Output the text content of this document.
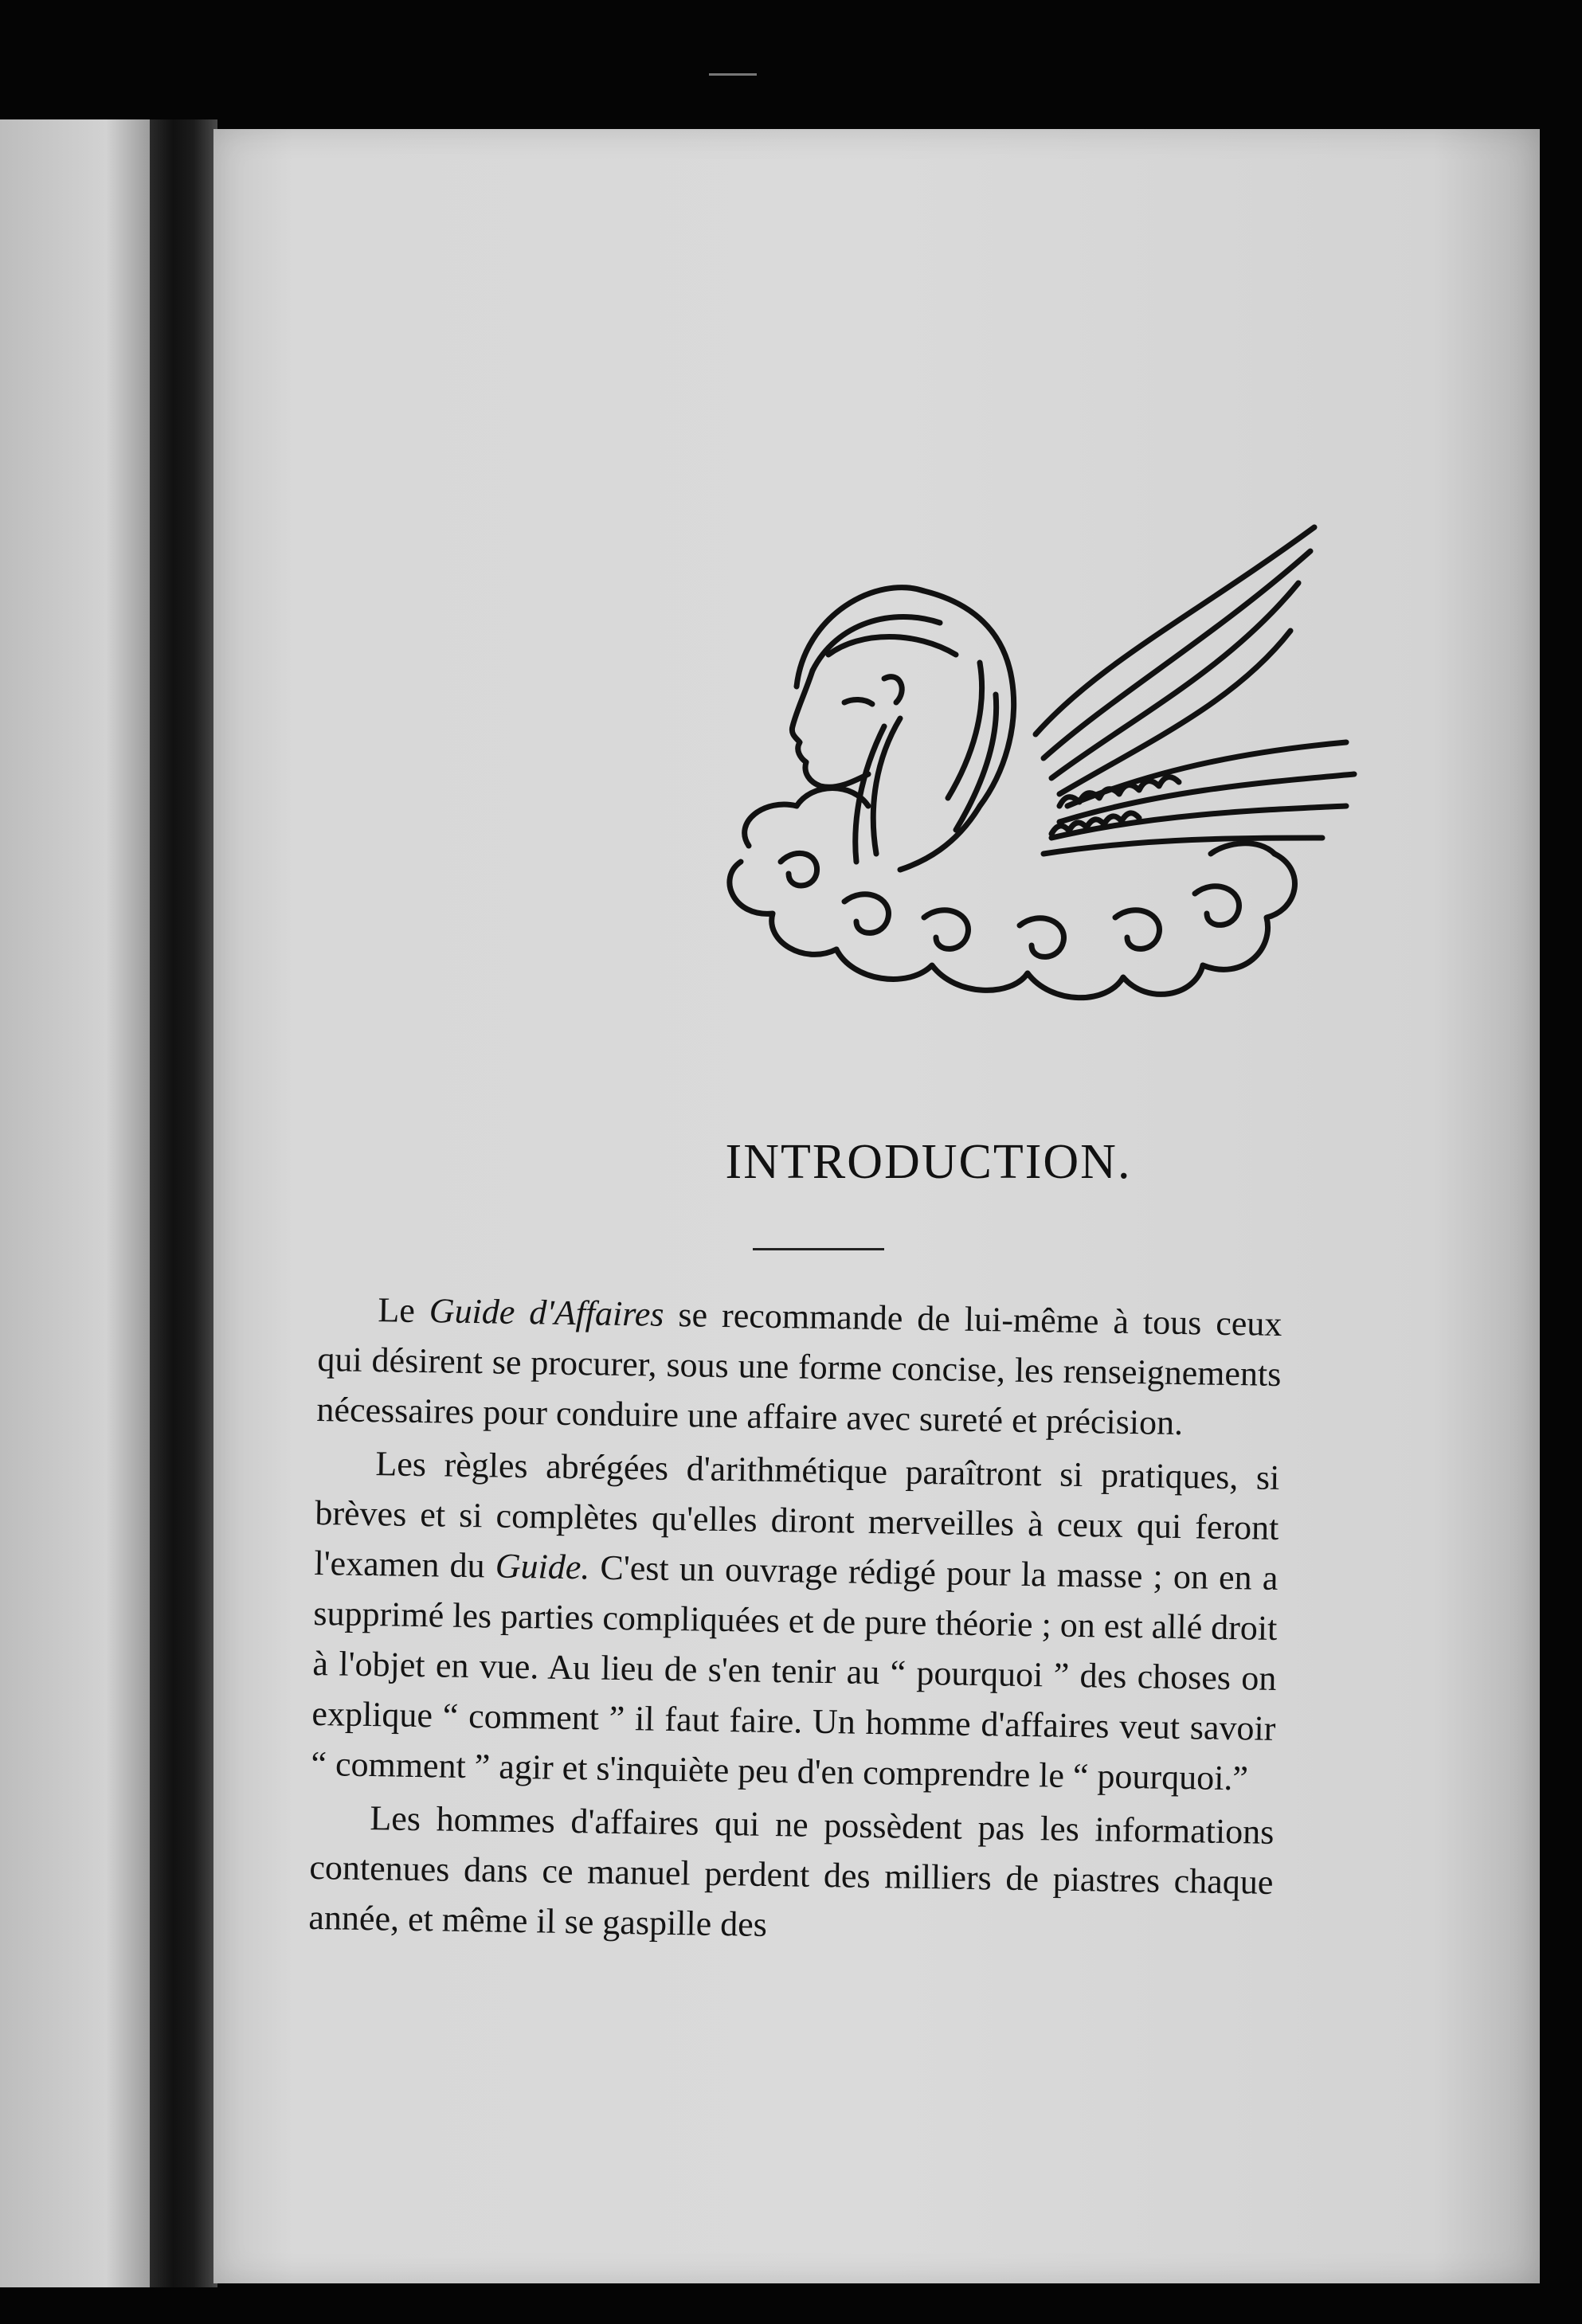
INTRODUCTION.

Le Guide d'Affaires se recommande de lui-même à tous ceux qui désirent se procurer, sous une forme concise, les renseignements nécessaires pour conduire une affaire avec sureté et précision.

Les règles abrégées d'arithmétique paraîtront si pratiques, si brèves et si complètes qu'elles diront merveilles à ceux qui feront l'examen du Guide. C'est un ouvrage rédigé pour la masse ; on en a supprimé les parties compliquées et de pure théorie ; on est allé droit à l'objet en vue. Au lieu de s'en tenir au “ pourquoi ” des choses on explique “ comment ” il faut faire. Un homme d'affaires veut savoir “ comment ” agir et s'inquiète peu d'en comprendre le “ pourquoi.”

Les hommes d'affaires qui ne possèdent pas les informations contenues dans ce manuel perdent des milliers de piastres chaque année, et même il se gaspille des
